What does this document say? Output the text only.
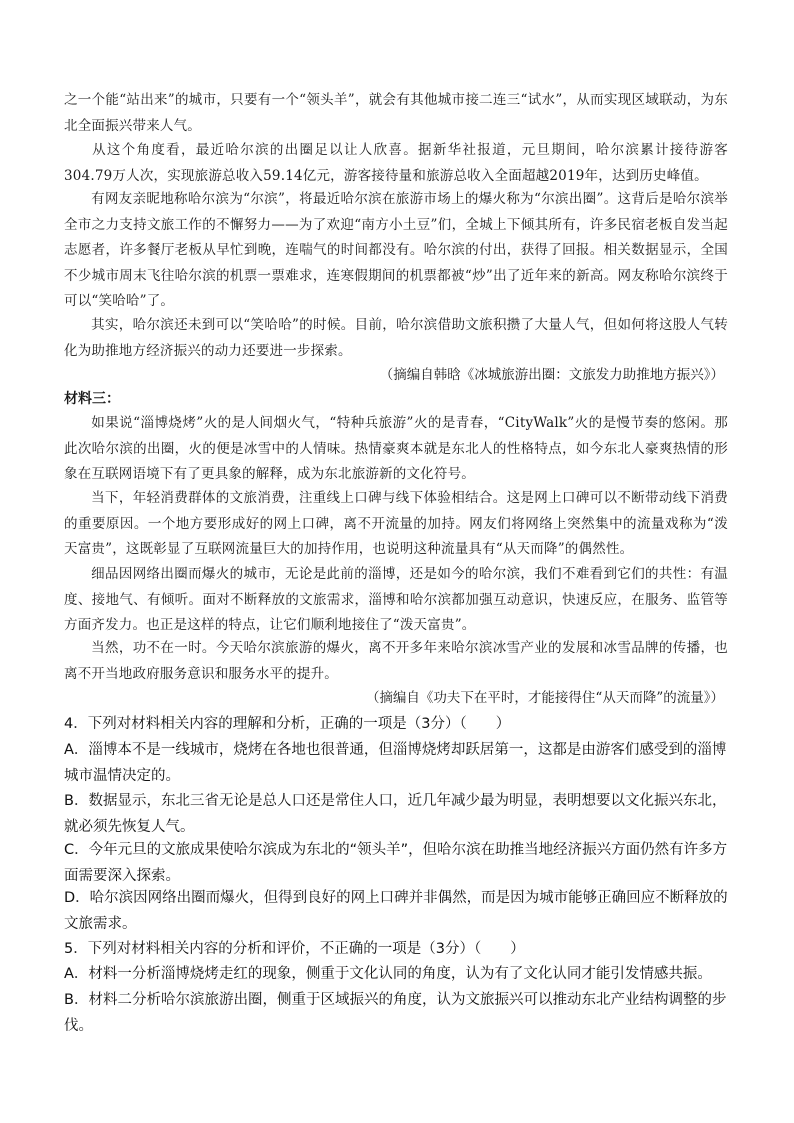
之一个能“站出来”的城市，只要有一个“领头羊”，就会有其他城市接二连三“试水”，从而实现区域联动，为东北全面振兴带来人气。
从这个角度看，最近哈尔滨的出圈足以让人欣喜。据新华社报道，元旦期间，哈尔滨累计接待游客304.79万人次，实现旅游总收入59.14亿元，游客接待量和旅游总收入全面超越2019年，达到历史峰值。
有网友亲昵地称哈尔滨为“尔滨”，将最近哈尔滨在旅游市场上的爆火称为“尔滨出圈”。这背后是哈尔滨举全市之力支持文旅工作的不懈努力——为了欢迎“南方小土豆”们，全城上下倾其所有，许多民宿老板自发当起志愿者，许多餐厅老板从早忙到晚，连喘气的时间都没有。哈尔滨的付出，获得了回报。相关数据显示，全国不少城市周末飞往哈尔滨的机票一票难求，连寒假期间的机票都被“炒”出了近年来的新高。网友称哈尔滨终于可以“笑哈哈”了。
其实，哈尔滨还未到可以“笑哈哈”的时候。目前，哈尔滨借助文旅积攒了大量人气，但如何将这股人气转化为助推地方经济振兴的动力还要进一步探索。
（摘编自韩晗《冰城旅游出圈：文旅发力助推地方振兴》）
材料三：
如果说“淄博烧烤”火的是人间烟火气，“特种兵旅游”火的是青春，“CityWalk”火的是慢节奏的悠闲。那此次哈尔滨的出圈，火的便是冰雪中的人情味。热情豪爽本就是东北人的性格特点，如今东北人豪爽热情的形象在互联网语境下有了更具象的解释，成为东北旅游新的文化符号。
当下，年轻消费群体的文旅消费，注重线上口碑与线下体验相结合。这是网上口碑可以不断带动线下消费的重要原因。一个地方要形成好的网上口碑，离不开流量的加持。网友们将网络上突然集中的流量戏称为“泼天富贵”，这既彰显了互联网流量巨大的加持作用，也说明这种流量具有“从天而降”的偶然性。
细品因网络出圈而爆火的城市，无论是此前的淄博，还是如今的哈尔滨，我们不难看到它们的共性：有温度、接地气、有倾听。面对不断释放的文旅需求，淄博和哈尔滨都加强互动意识，快速反应，在服务、监管等方面齐发力。也正是这样的特点，让它们顺利地接住了“泼天富贵”。
当然，功不在一时。今天哈尔滨旅游的爆火，离不开多年来哈尔滨冰雪产业的发展和冰雪品牌的传播，也离不开当地政府服务意识和服务水平的提升。
（摘编自《功夫下在平时，才能接得住“从天而降”的流量》）
4．下列对材料相关内容的理解和分析，正确的一项是（3分）（　　）
A．淄博本不是一线城市，烧烤在各地也很普通，但淄博烧烤却跃居第一，这都是由游客们感受到的淄博城市温情决定的。
B．数据显示，东北三省无论是总人口还是常住人口，近几年减少最为明显，表明想要以文化振兴东北，就必须先恢复人气。
C．今年元旦的文旅成果使哈尔滨成为东北的“领头羊”，但哈尔滨在助推当地经济振兴方面仍然有许多方面需要深入探索。
D．哈尔滨因网络出圈而爆火，但得到良好的网上口碑并非偶然，而是因为城市能够正确回应不断释放的文旅需求。
5．下列对材料相关内容的分析和评价，不正确的一项是（3分）（　　）
A．材料一分析淄博烧烤走红的现象，侧重于文化认同的角度，认为有了文化认同才能引发情感共振。
B．材料二分析哈尔滨旅游出圈，侧重于区域振兴的角度，认为文旅振兴可以推动东北产业结构调整的步伐。
